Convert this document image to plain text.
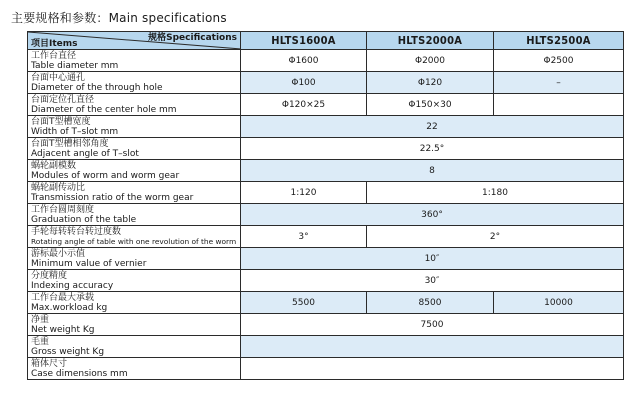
主要规格和参数：Main specifications
规格Specifications
项目Items	HLTS1600A	HLTS2000A	HLTS2500A

工作台直径
Table diameter mm	Φ1600	Φ2000	Φ2500

台面中心通孔
Diameter of the through hole	Φ100	Φ120	–

台面定位孔直径
Diameter of the center hole mm	Φ120×25	Φ150×30	

台面T型槽宽度
Width of T–slot mm	22		

台面T型槽相邻角度
Adjacent angle of T–slot	22.5°		

蜗轮副模数
Modules of worm and worm gear	8		

蜗轮副传动比
Transmission ratio of the worm gear	1:120	1:180	

工作台圆周刻度
Graduation of the table	360°		

手轮每转转台转过度数
Rotating angle of table with one revolution of the worm	3°	2°	

游标最小示值
Minimum value of vernier	10″		

分度精度
Indexing accuracy	30″		

工作台最大承载
Max.workload kg	5500	8500	10000

净重
Net weight Kg	7500		

毛重
Gross weight Kg			

箱体尺寸
Case dimensions mm			
